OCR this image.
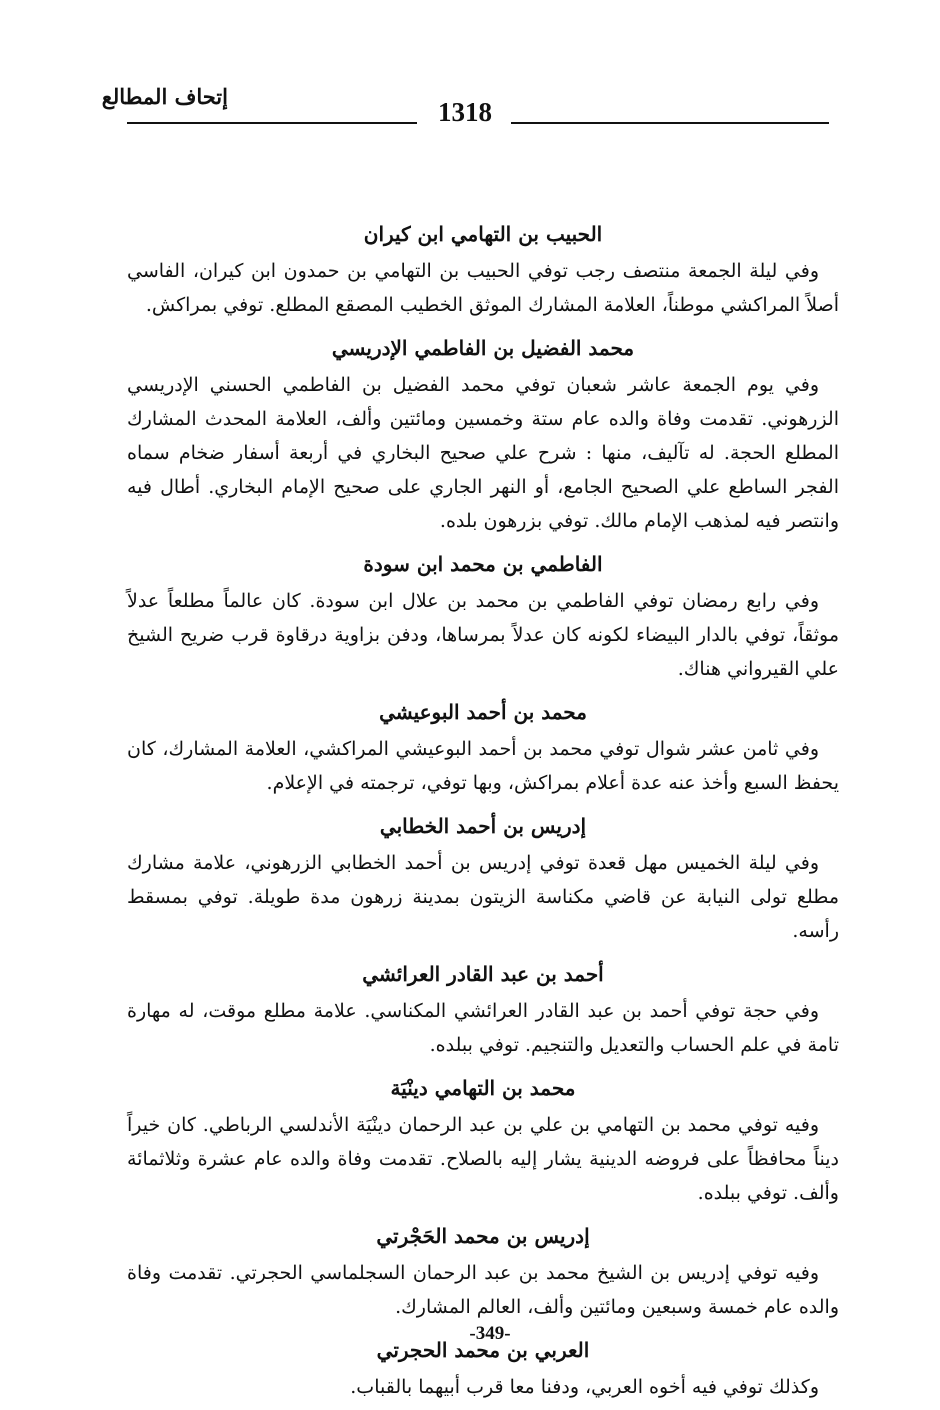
إتحاف المطالع
1318

الحبيب بن التهامي ابن كيران

وفي ليلة الجمعة منتصف رجب توفي الحبيب بن التهامي بن حمدون ابن كيران، الفاسي أصلاً المراكشي موطناً، العلامة المشارك الموثق الخطيب المصقع المطلع. توفي بمراكش.

محمد الفضيل بن الفاطمي الإدريسي

وفي يوم الجمعة عاشر شعبان توفي محمد الفضيل بن الفاطمي الحسني الإدريسي الزرهوني. تقدمت وفاة والده عام ستة وخمسين ومائتين وألف، العلامة المحدث المشارك المطلع الحجة. له تآليف، منها : شرح علي صحيح البخاري في أربعة أسفار ضخام سماه الفجر الساطع علي الصحيح الجامع، أو النهر الجاري على صحيح الإمام البخاري. أطال فيه وانتصر فيه لمذهب الإمام مالك. توفي بزرهون بلده.

الفاطمي بن محمد ابن سودة

وفي رابع رمضان توفي الفاطمي بن محمد بن علال ابن سودة. كان عالماً مطلعاً عدلاً موثقاً، توفي بالدار البيضاء لكونه كان عدلاً بمرساها، ودفن بزاوية درقاوة قرب ضريح الشيخ علي القيرواني هناك.

محمد بن أحمد البوعيشي

وفي ثامن عشر شوال توفي محمد بن أحمد البوعيشي المراكشي، العلامة المشارك، كان يحفظ السبع وأخذ عنه عدة أعلام بمراكش، وبها توفي، ترجمته في الإعلام.

إدريس بن أحمد الخطابي

وفي ليلة الخميس مهل قعدة توفي إدريس بن أحمد الخطابي الزرهوني، علامة مشارك مطلع تولى النيابة عن قاضي مكناسة الزيتون بمدينة زرهون مدة طويلة. توفي بمسقط رأسه.

أحمد بن عبد القادر العرائشي

وفي حجة توفي أحمد بن عبد القادر العرائشي المكناسي. علامة مطلع موقت، له مهارة تامة في علم الحساب والتعديل والتنجيم. توفي ببلده.

محمد بن التهامي دينْيَة

وفيه توفي محمد بن التهامي بن علي بن عبد الرحمان دينْيَة الأندلسي الرباطي. كان خيراً ديناً محافظاً على فروضه الدينية يشار إليه بالصلاح. تقدمت وفاة والده عام عشرة وثلاثمائة وألف. توفي ببلده.

إدريس بن محمد الحَجْرتي

وفيه توفي إدريس بن الشيخ محمد بن عبد الرحمان السجلماسي الحجرتي. تقدمت وفاة والده عام خمسة وسبعين ومائتين وألف، العالم المشارك.

العربي بن محمد الحجرتي

وكذلك توفي فيه أخوه العربي، ودفنا معا قرب أبيهما بالقباب.

-349-
